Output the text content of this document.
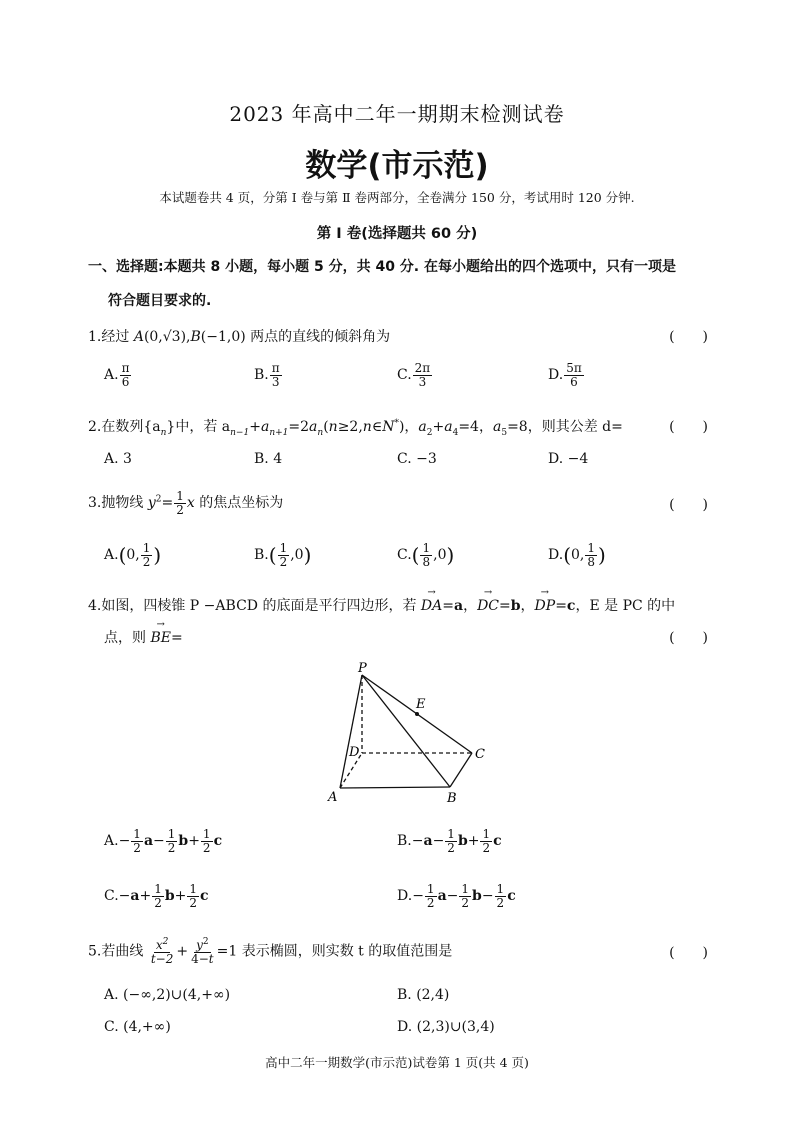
2023 年高中二年一期期末检测试卷
数学(市示范)
本试题卷共 4 页，分第 Ⅰ 卷与第 Ⅱ 卷两部分，全卷满分 150 分，考试用时 120 分钟.
第 Ⅰ 卷(选择题共 60 分)
一、选择题:本题共 8 小题，每小题 5 分，共 40 分. 在每小题给出的四个选项中，只有一项是
符合题目要求的.
1.经过 A(0,√3),B(−1,0) 两点的直线的倾斜角为	(　　)
A. $\frac{\pi}{6}$	B. $\frac{\pi}{3}$	C. $\frac{2\pi}{3}$	D. $\frac{5\pi}{6}$
2.在数列$\{a_n\}$中，若 $a_{n-1}+a_{n+1}=2a_n(n\ge 2,n\in N^*)$，$a_2+a_4=4$，$a_5=8$，则其公差 d=	(　　)
A. 3	B. 4	C. −3	D. −4
3.抛物线 $y^2= \frac{1}{2}$ x 的焦点坐标为	(　　)
A.(0, $\frac{1}{2}$ )	$B.( \frac{1}{2} ,0)$	$C.( \frac{1}{8} ,0)$	D.(0, $\frac{1}{8}$ )
4.如图，四棱锥 P −ABCD 的底面是平行四边形，若 → DA=a，→ DC=b，→ DP=c，E 是 PC 的中
点，则 → BE=	(　　)
P
E
D	C
A	B
$A.- \frac{1}{2} a- \frac{1}{2} b+ \frac{1}{2}$ c	$B.-a- \frac{1}{2} b+ \frac{1}{2}$ c
$C.-a+ \frac{1}{2} b+ \frac{1}{2}$ c	$D.- \frac{1}{2} a- \frac{1}{2} b- \frac{1}{2}$ c
5.若曲线 $\frac{x^2}{t-2} + \frac{y^2}{4-t} =1$ 表示椭圆，则实数 t 的取值范围是	(　　)
A. (−∞,2)∪(4,+∞)	B. (2,4)
C. (4,+∞)	D. (2,3)∪(3,4)
高中二年一期数学(市示范)试卷第 1 页(共 4 页)
